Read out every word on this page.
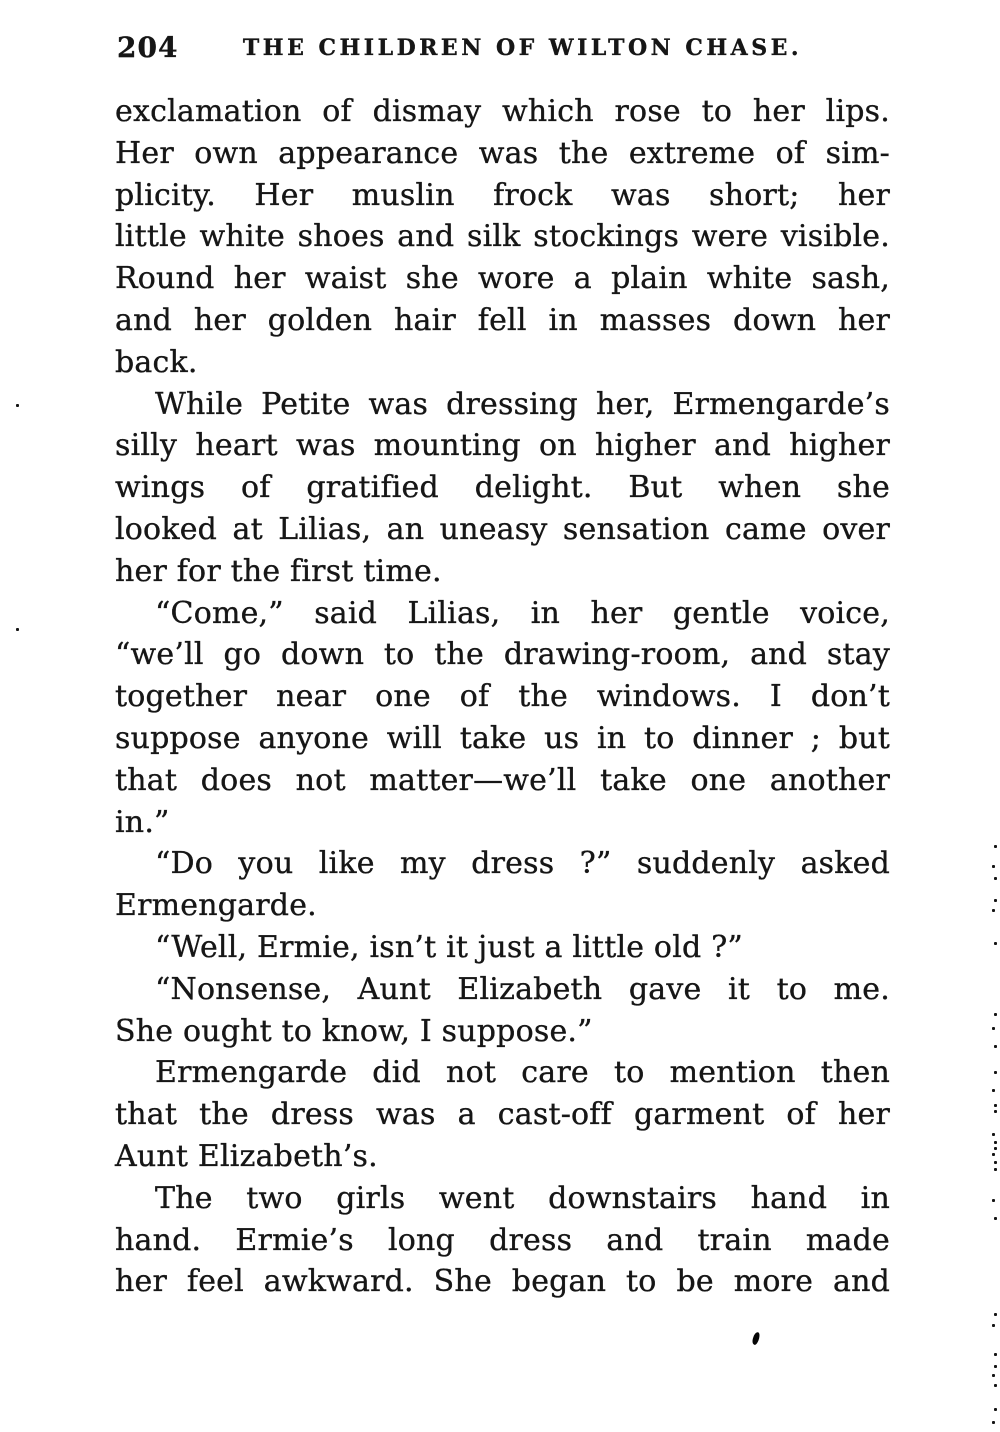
204	THE CHILDREN OF WILTON CHASE.
exclamation of dismay which rose to her lips.
Her own appearance was the extreme of sim-
plicity. Her muslin frock was short; her
little white shoes and silk stockings were visible.
Round her waist she wore a plain white sash,
and her golden hair fell in masses down her
back.
While Petite was dressing her, Ermengarde’s
silly heart was mounting on higher and higher
wings of gratified delight. But when she
looked at Lilias, an uneasy sensation came over
her for the first time.
“Come,” said Lilias, in her gentle voice,
“we’ll go down to the drawing-room, and stay
together near one of the windows. I don’t
suppose anyone will take us in to dinner ; but
that does not matter—we’ll take one another
in.”
“Do you like my dress ?” suddenly asked
Ermengarde.
“Well, Ermie, isn’t it just a little old ?”
“Nonsense, Aunt Elizabeth gave it to me.
She ought to know, I suppose.”
Ermengarde did not care to mention then
that the dress was a cast-off garment of her
Aunt Elizabeth’s.
The two girls went downstairs hand in
hand. Ermie’s long dress and train made
her feel awkward. She began to be more and
